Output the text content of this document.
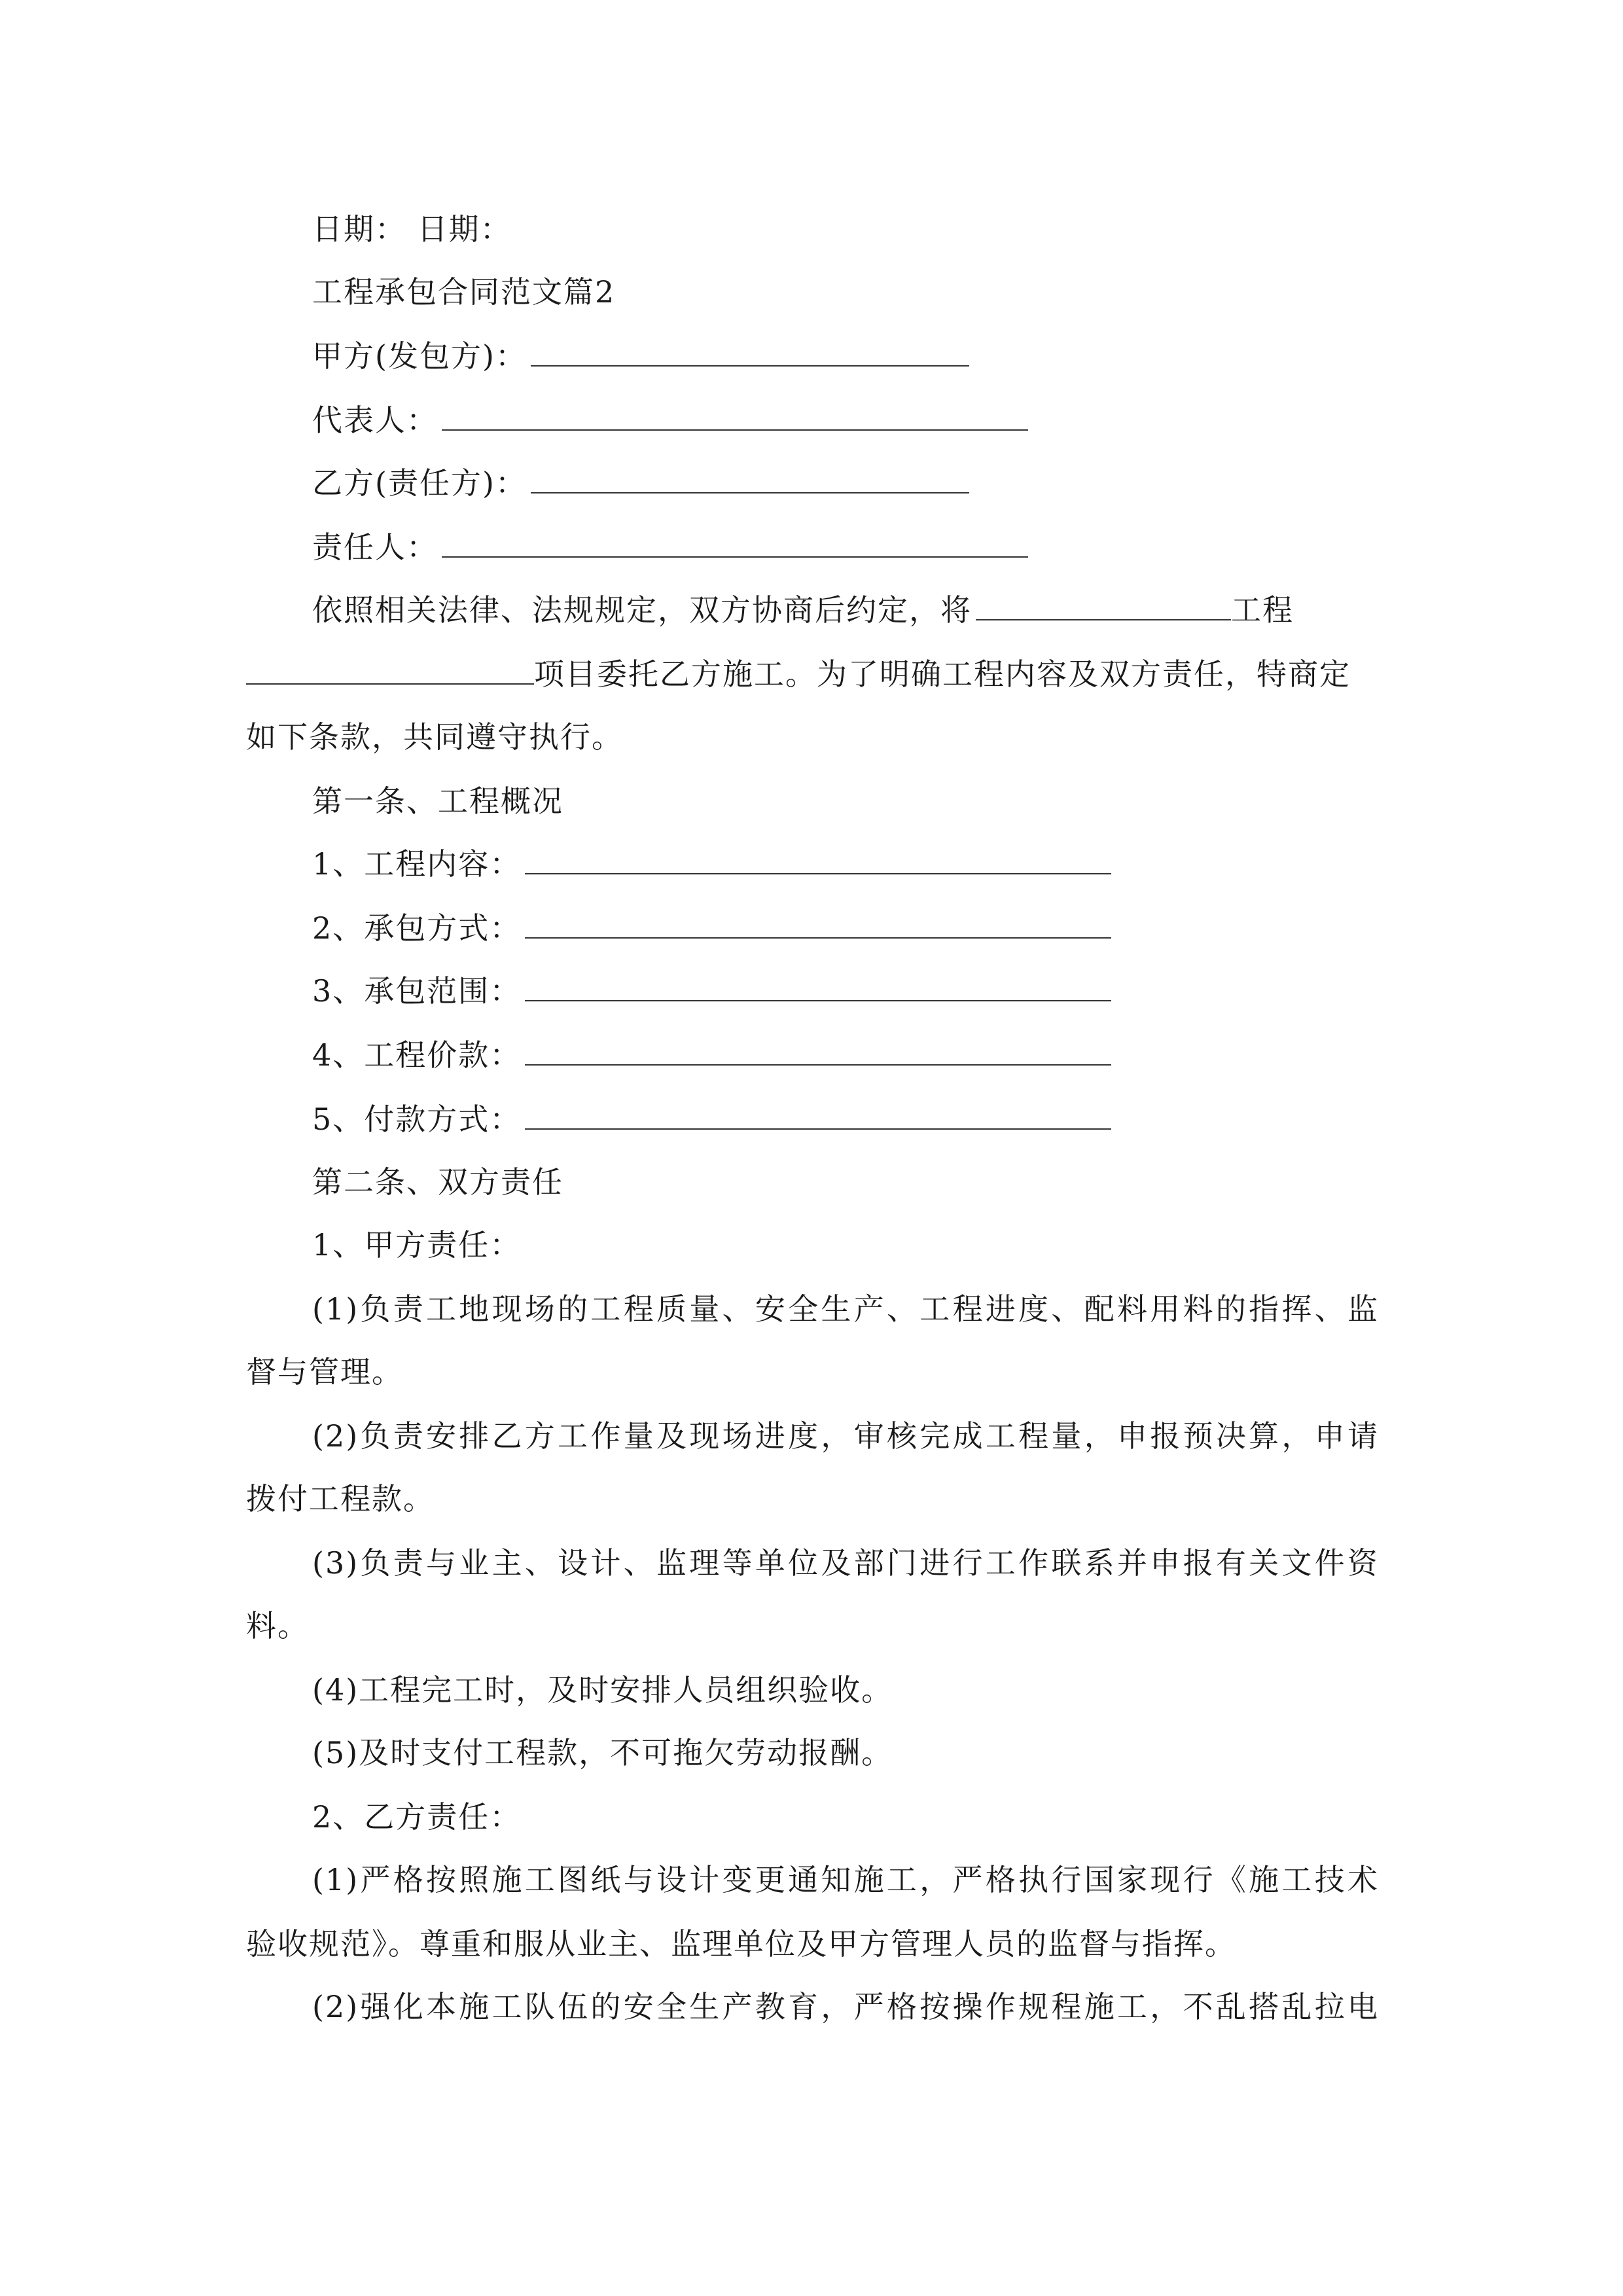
日期： 日期：
工程承包合同范文篇2
甲方(发包方)：
代表人：
乙方(责任方)：
责任人：
依照相关法律、法规规定，双方协商后约定，将	工程
项目委托乙方施工。为了明确工程内容及双方责任，特商定
如下条款，共同遵守执行。
第一条、工程概况
1、工程内容：
2、承包方式：
3、承包范围：
4、工程价款：
5、付款方式：
第二条、双方责任
1、甲方责任：
(1)负责工地现场的工程质量、安全生产、工程进度、配料用料的指挥、监
督与管理。
(2)负责安排乙方工作量及现场进度，审核完成工程量，申报预决算，申请
拨付工程款。
(3)负责与业主、设计、监理等单位及部门进行工作联系并申报有关文件资
料。
(4)工程完工时，及时安排人员组织验收。
(5)及时支付工程款，不可拖欠劳动报酬。
2、乙方责任：
(1)严格按照施工图纸与设计变更通知施工，严格执行国家现行《施工技术
验收规范》。尊重和服从业主、监理单位及甲方管理人员的监督与指挥。
(2)强化本施工队伍的安全生产教育，严格按操作规程施工，不乱搭乱拉电
